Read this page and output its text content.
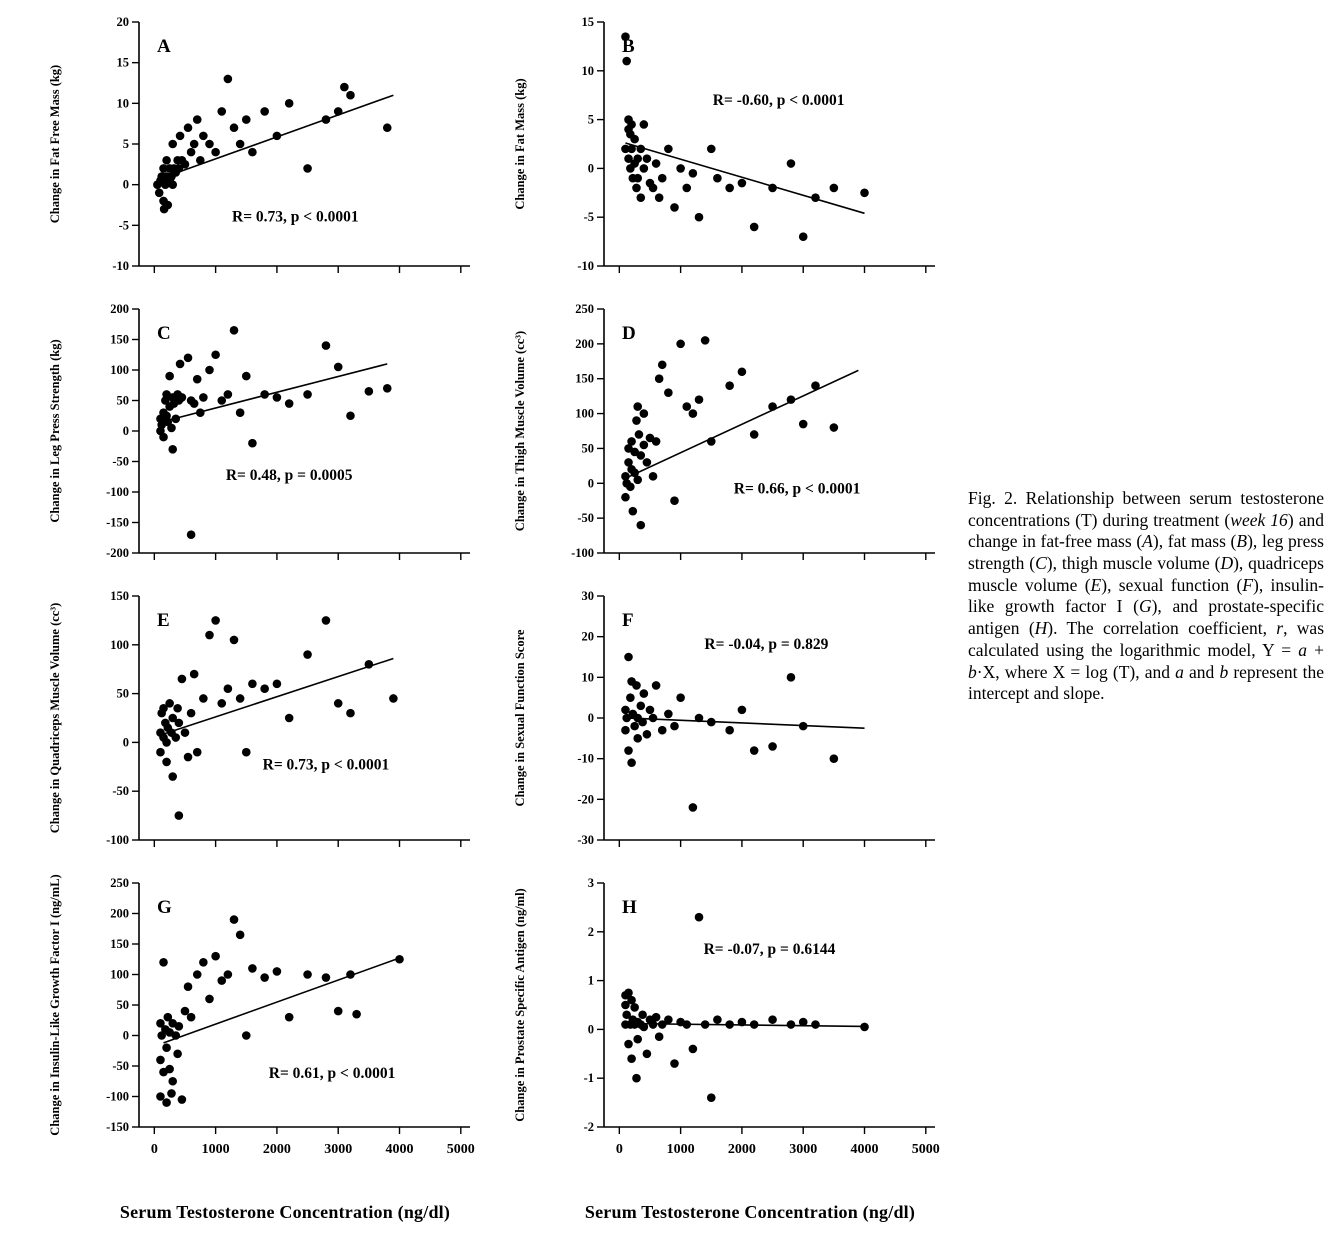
20
15
10
5
0
-5
-10
Change in Fat Free Mass (kg)
A
R= 0.73, p < 0.0001
15
10
5
0
-5
-10
Change in Fat Mass (kg)
B
R= -0.60, p < 0.0001
200
150
100
50
0
-50
-100
-150
-200
Change in Leg Press Strength (kg)
C
R= 0.48, p = 0.0005
250
200
150
100
50
0
-50
-100
Change in Thigh Muscle Volume (cc³)	D
R= 0.66, p < 0.0001
150
100
50
0
-50
-100
Change in Quadriceps Muscle Volume (cc³)	E
R= 0.73, p < 0.0001
30
20
10
0
-10
-20
-30
Change in Sexual Function Score
F
R= -0.04, p = 0.829
250
200
150
100
50
0
-50
-100
-150
0	1000 2000 3000 4000 5000
Change in Insulin-Like Growth Factor I (ng/mL)	G
R= 0.61, p < 0.0001
3
2
1
0
-1
-2
0	1000 2000 3000 4000 5000
Change in Prostate Specific Antigen (ng/ml)	H
R= -0.07, p = 0.6144
Serum Testosterone Concentration (ng/dl)	Serum Testosterone Concentration (ng/dl)
Fig. 2. Relationship between serum testosterone concentrations (T) during treatment (week 16) and change in fat-free mass (A), fat mass (B), leg press strength (C), thigh muscle volume (D), quadriceps muscle volume (E), sexual function (F), insulin-like growth factor I (G), and prostate-specific antigen (H). The correlation coefficient, r, was calculated using the logarithmic model, Y = a + b·X, where X = log (T), and a and b represent the intercept and slope.
